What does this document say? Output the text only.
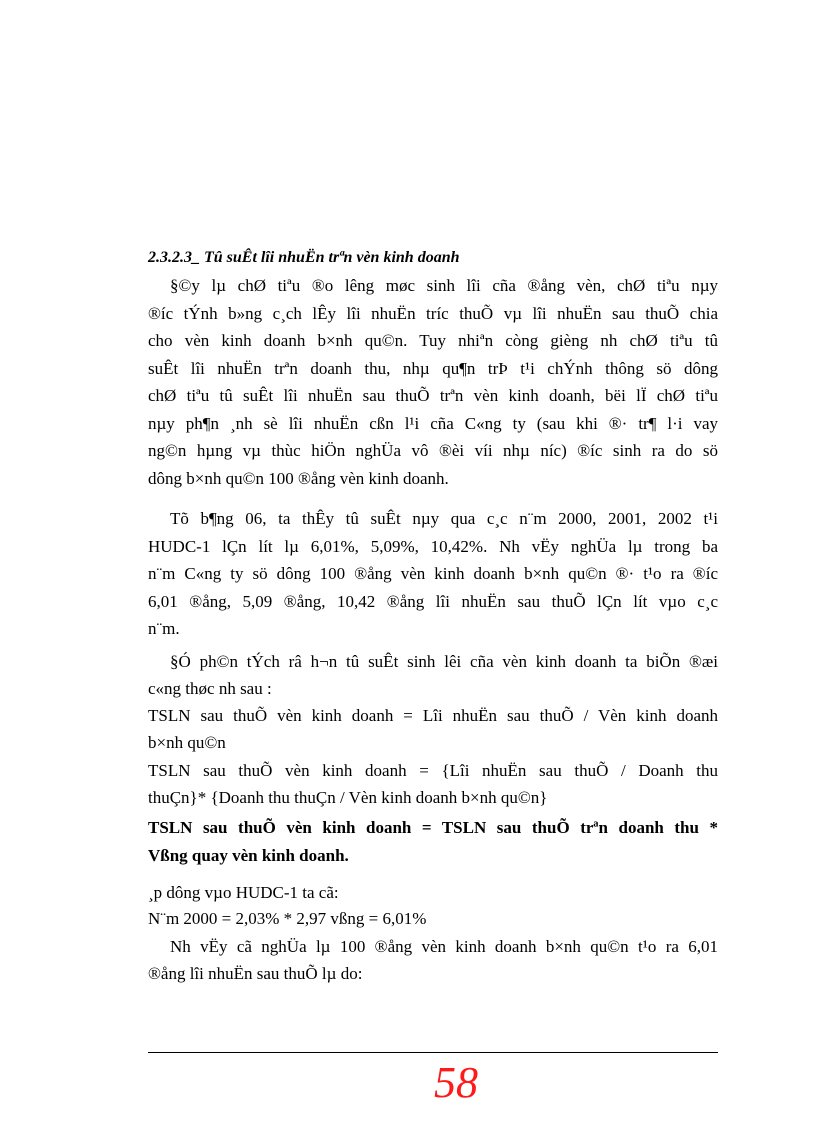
2.3.2.3_ Tû suÊt lîi nhuËn trªn vèn kinh doanh
§©y lµ chØ tiªu ®o lêng møc sinh lîi cña ®ång vèn, chØ tiªu nµy
®íc tÝnh b»ng c¸ch lÊy lîi nhuËn tríc thuÕ vµ lîi nhuËn sau thuÕ chia
cho vèn kinh doanh b×nh qu©n. Tuy nhiªn còng gièng nh chØ tiªu tû
suÊt lîi nhuËn trªn doanh thu, nhµ qu¶n trÞ t¹i chÝnh thông sö dông
chØ tiªu tû suÊt lîi nhuËn sau thuÕ trªn vèn kinh doanh, bëi lÏ chØ tiªu
nµy ph¶n ¸nh sè lîi nhuËn cßn l¹i cña C«ng ty (sau khi ®· tr¶ l·i vay
ng©n hµng vµ thùc hiÖn nghÜa vô ®èi víi nhµ níc) ®íc sinh ra do sö
dông b×nh qu©n 100 ®ång vèn kinh doanh.
Tõ b¶ng 06, ta thÊy tû suÊt nµy qua c¸c n¨m 2000, 2001, 2002 t¹i
HUDC-1 lÇn lít lµ 6,01%, 5,09%, 10,42%. Nh vËy nghÜa lµ trong ba
n¨m C«ng ty sö dông 100 ®ång vèn kinh doanh b×nh qu©n ®· t¹o ra ®íc
6,01 ®ång, 5,09 ®ång, 10,42 ®ång lîi nhuËn sau thuÕ lÇn lít vµo c¸c
n¨m.
§Ó ph©n tÝch râ h¬n tû suÊt sinh lêi cña vèn kinh doanh ta biÕn ®æi
c«ng thøc nh sau :
TSLN sau thuÕ vèn kinh doanh = Lîi nhuËn sau thuÕ / Vèn kinh doanh
b×nh qu©n
TSLN sau thuÕ vèn kinh doanh = {Lîi nhuËn sau thuÕ / Doanh thu
thuÇn}* {Doanh thu thuÇn / Vèn kinh doanh b×nh qu©n}
TSLN sau thuÕ vèn kinh doanh = TSLN sau thuÕ trªn doanh thu *
Vßng quay vèn kinh doanh.
¸p dông vµo HUDC-1 ta cã:
N¨m 2000 = 2,03% * 2,97 vßng = 6,01%
Nh vËy cã nghÜa lµ 100 ®ång vèn kinh doanh b×nh qu©n t¹o ra 6,01
®ång lîi nhuËn sau thuÕ lµ do:
58
